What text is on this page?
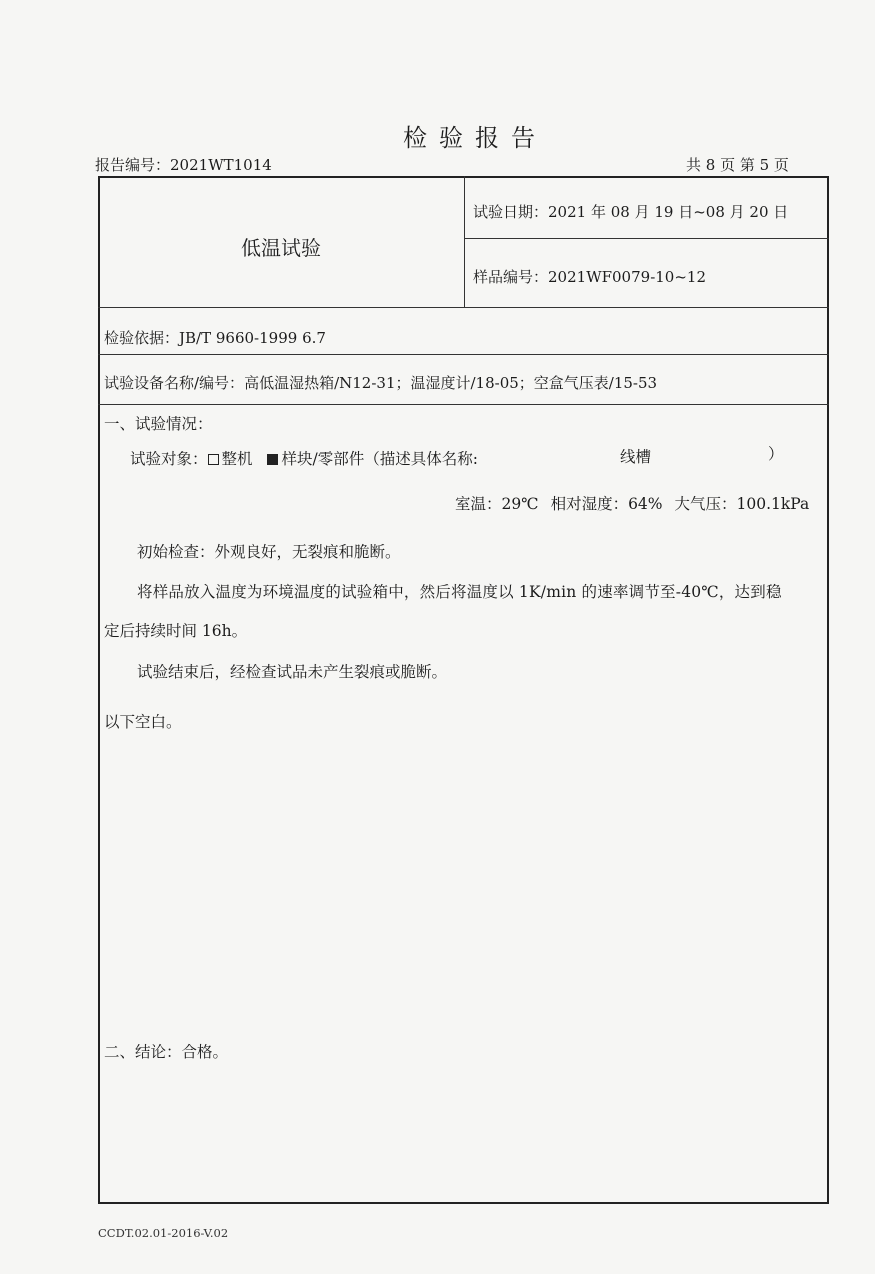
检验报告
报告编号：2021WT1014	共 8 页 第 5 页
低温试验
试验日期：2021 年 08 月 19 日~08 月 20 日
样品编号：2021WF0079-10~12
检验依据：JB/T 9660-1999 6.7
试验设备名称/编号：高低温湿热箱/N12-31；温湿度计/18-05；空盒气压表/15-53
一、试验情况：
试验对象： 整机 样块/零部件（描述具体名称:	线槽	）
室温：29℃ 相对湿度：64% 大气压：100.1kPa
初始检查：外观良好，无裂痕和脆断。
将样品放入温度为环境温度的试验箱中，然后将温度以 1K/min 的速率调节至-40℃，达到稳
定后持续时间 16h。
试验结束后，经检查试品未产生裂痕或脆断。
以下空白。
二、结论：合格。
CCDT.02.01-2016-V.02
